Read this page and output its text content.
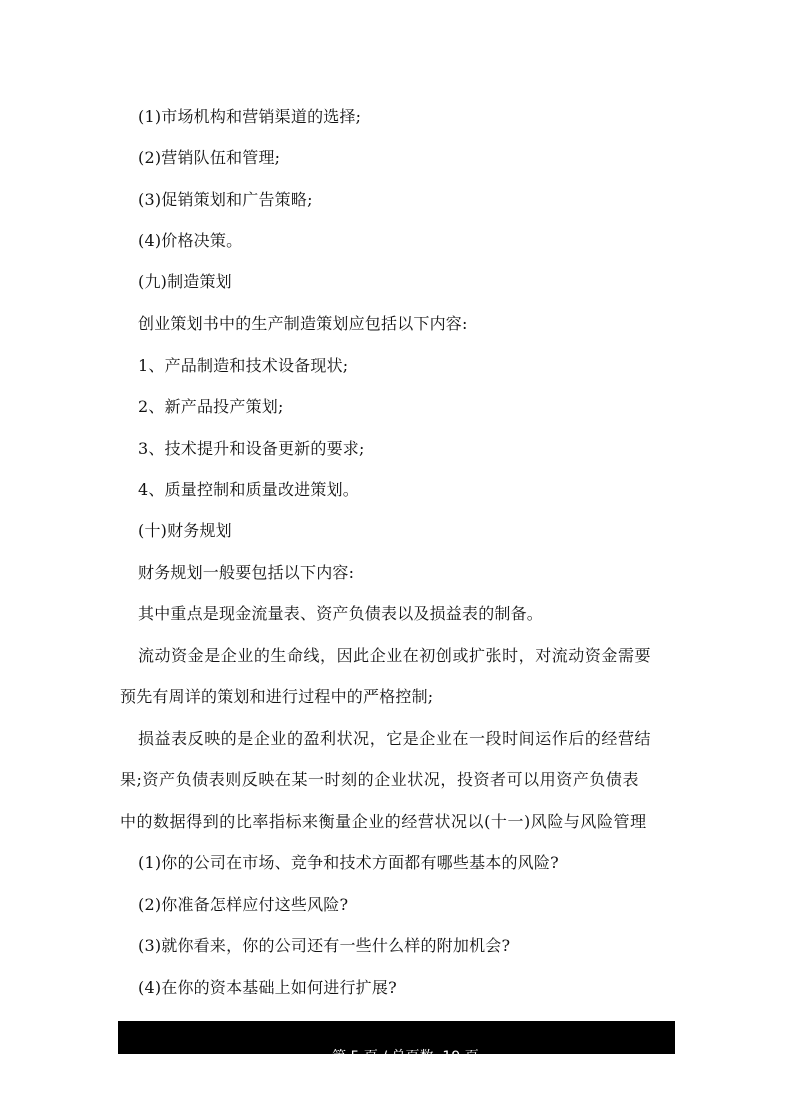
(1)市场机构和营销渠道的选择;
(2)营销队伍和管理;
(3)促销策划和广告策略;
(4)价格决策。
(九)制造策划
创业策划书中的生产制造策划应包括以下内容:
1、产品制造和技术设备现状;
2、新产品投产策划;
3、技术提升和设备更新的要求;
4、质量控制和质量改进策划。
(十)财务规划
财务规划一般要包括以下内容:
其中重点是现金流量表、资产负债表以及损益表的制备。
流动资金是企业的生命线，因此企业在初创或扩张时，对流动资金需要
预先有周详的策划和进行过程中的严格控制;
损益表反映的是企业的盈利状况，它是企业在一段时间运作后的经营结
果;资产负债表则反映在某一时刻的企业状况，投资者可以用资产负债表
中的数据得到的比率指标来衡量企业的经营状况以(十一)风险与风险管理
(1)你的公司在市场、竞争和技术方面都有哪些基本的风险?
(2)你准备怎样应付这些风险?
(3)就你看来，你的公司还有一些什么样的附加机会?
(4)在你的资本基础上如何进行扩展?

第 5 页 / 总页数  19 页
